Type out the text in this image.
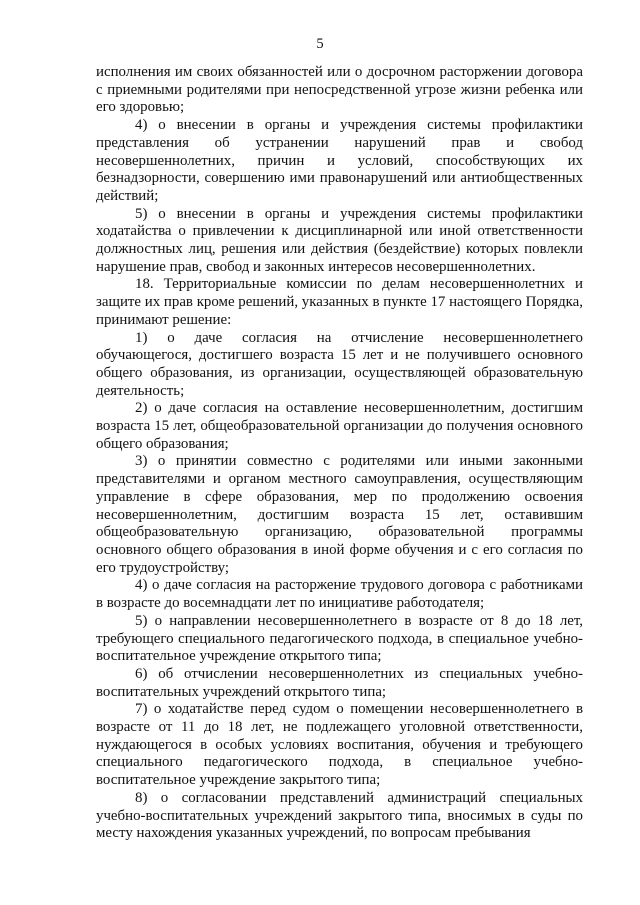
5

исполнения им своих обязанностей или о досрочном расторжении договора с приемными родителями при непосредственной угрозе жизни ребенка или его здоровью;

4) о внесении в органы и учреждения системы профилактики представления об устранении нарушений прав и свобод несовершеннолетних, причин и условий, способствующих их безнадзорности, совершению ими правонарушений или антиобщественных действий;

5) о внесении в органы и учреждения системы профилактики ходатайства о привлечении к дисциплинарной или иной ответственности должностных лиц, решения или действия (бездействие) которых повлекли нарушение прав, свобод и законных интересов несовершеннолетних.

18. Территориальные комиссии по делам несовершеннолетних и защите их прав кроме решений, указанных в пункте 17 настоящего Порядка, принимают решение:

1) о даче согласия на отчисление несовершеннолетнего обучающегося, достигшего возраста 15 лет и не получившего основного общего образования, из организации, осуществляющей образовательную деятельность;

2) о даче согласия на оставление несовершеннолетним, достигшим возраста 15 лет, общеобразовательной организации до получения основного общего образования;

3) о принятии совместно с родителями или иными законными представителями и органом местного самоуправления, осуществляющим управление в сфере образования, мер по продолжению освоения несовершеннолетним, достигшим возраста 15 лет, оставившим общеобразовательную организацию, образовательной программы основного общего образования в иной форме обучения и с его согласия по его трудоустройству;

4) о даче согласия на расторжение трудового договора с работниками в возрасте до восемнадцати лет по инициативе работодателя;

5) о направлении несовершеннолетнего в возрасте от 8 до 18 лет, требующего специального педагогического подхода, в специальное учебно-воспитательное учреждение открытого типа;

6) об отчислении несовершеннолетних из специальных учебно-воспитательных учреждений открытого типа;

7) о ходатайстве перед судом о помещении несовершеннолетнего в возрасте от 11 до 18 лет, не подлежащего уголовной ответственности, нуждающегося в особых условиях воспитания, обучения и требующего специального педагогического подхода, в специальное учебно-воспитательное учреждение закрытого типа;

8) о согласовании представлений администраций специальных учебно-воспитательных учреждений закрытого типа, вносимых в суды по месту нахождения указанных учреждений, по вопросам пребывания
